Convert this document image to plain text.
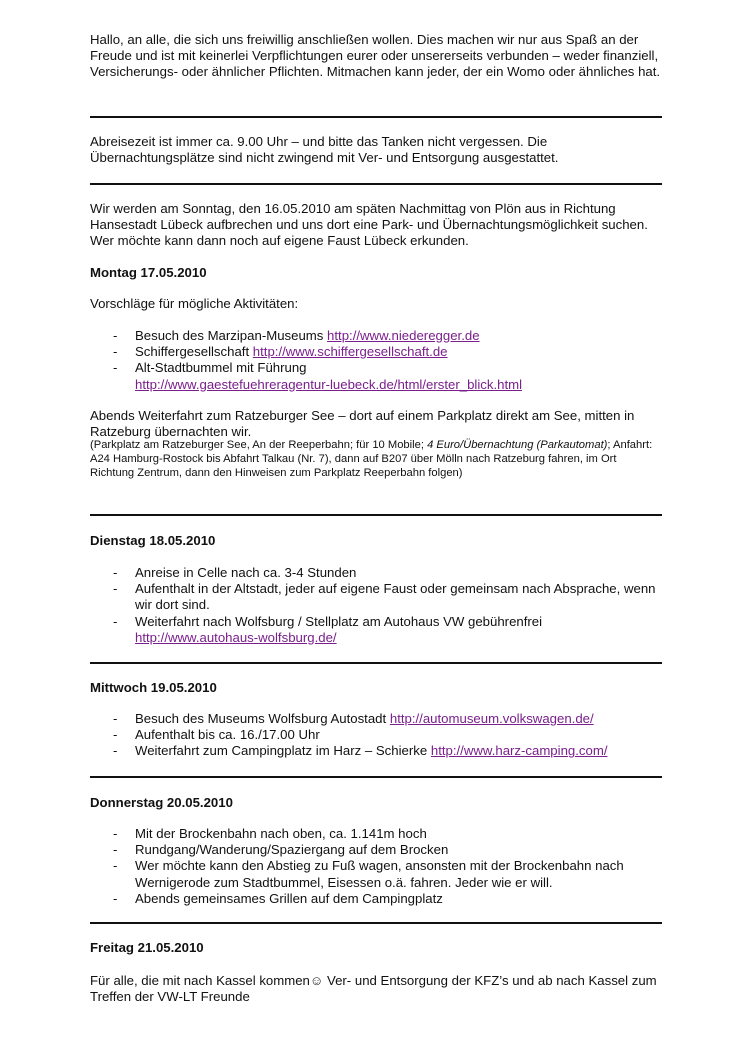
Hallo, an alle, die sich uns freiwillig anschließen wollen. Dies machen wir nur aus Spaß an der Freude und ist mit keinerlei Verpflichtungen eurer oder unsererseits verbunden – weder finanziell, Versicherungs- oder ähnlicher Pflichten. Mitmachen kann jeder, der ein Womo oder ähnliches hat.

Abreisezeit ist immer ca. 9.00 Uhr – und bitte das Tanken nicht vergessen. Die Übernachtungsplätze sind nicht zwingend mit Ver- und Entsorgung ausgestattet.

Wir werden am Sonntag, den 16.05.2010 am späten Nachmittag von Plön aus in Richtung Hansestadt Lübeck aufbrechen und uns dort eine Park- und Übernachtungsmöglichkeit suchen. Wer möchte kann dann noch auf eigene Faust Lübeck erkunden.

Montag 17.05.2010

Vorschläge für mögliche Aktivitäten:

- Besuch des Marzipan-Museums http://www.niederegger.de
- Schiffergesellschaft http://www.schiffergesellschaft.de
- Alt-Stadtbummel mit Führung
http://www.gaestefuehreragentur-luebeck.de/html/erster_blick.html

Abends Weiterfahrt zum Ratzeburger See – dort auf einem Parkplatz direkt am See, mitten in Ratzeburg übernachten wir.

(Parkplatz am Ratzeburger See, An der Reeperbahn; für 10 Mobile; 4 Euro/Übernachtung (Parkautomat); Anfahrt: A24 Hamburg-Rostock bis Abfahrt Talkau (Nr. 7), dann auf B207 über Mölln nach Ratzeburg fahren, im Ort Richtung Zentrum, dann den Hinweisen zum Parkplatz Reeperbahn folgen)

Dienstag 18.05.2010
- Anreise in Celle nach ca. 3-4 Stunden
- Aufenthalt in der Altstadt, jeder auf eigene Faust oder gemeinsam nach Absprache, wenn wir dort sind.
- Weiterfahrt nach Wolfsburg / Stellplatz am Autohaus VW gebührenfrei
http://www.autohaus-wolfsburg.de/
Mittwoch 19.05.2010
- Besuch des Museums Wolfsburg Autostadt http://automuseum.volkswagen.de/
- Aufenthalt bis ca. 16./17.00 Uhr
- Weiterfahrt zum Campingplatz im Harz – Schierke http://www.harz-camping.com/
Donnerstag 20.05.2010
- Mit der Brockenbahn nach oben, ca. 1.141m hoch
- Rundgang/Wanderung/Spaziergang auf dem Brocken
- Wer möchte kann den Abstieg zu Fuß wagen, ansonsten mit der Brockenbahn nach Wernigerode zum Stadtbummel, Eisessen o.ä. fahren. Jeder wie er will.
- Abends gemeinsames Grillen auf dem Campingplatz
Freitag 21.05.2010

Für alle, die mit nach Kassel kommen☺ Ver- und Entsorgung der KFZ’s und ab nach Kassel zum Treffen der VW-LT Freunde
